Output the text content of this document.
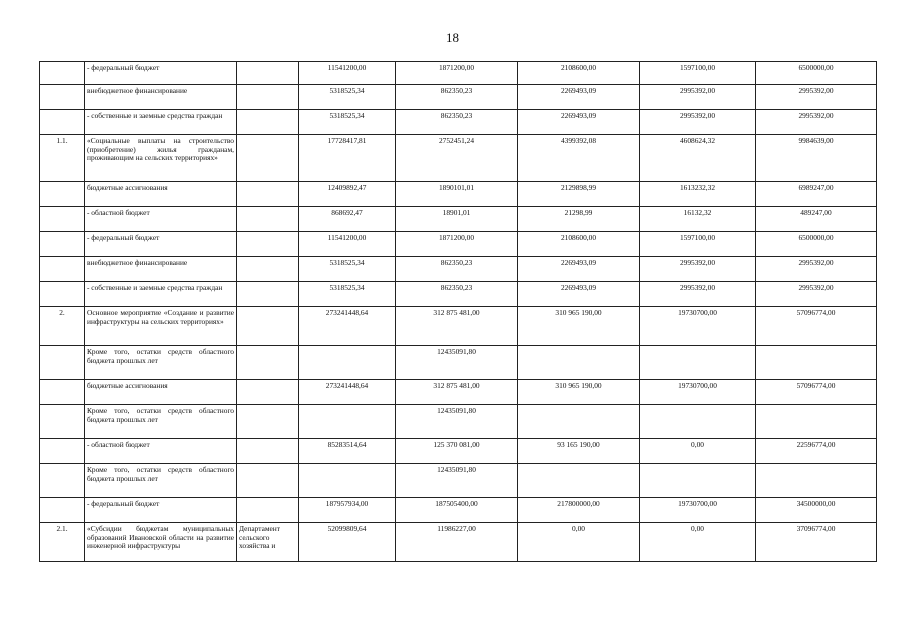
18
	- федеральный бюджет		11541200,00	1871200,00	2108600,00	1597100,00	6500000,00
	внебюджетное финансирование		5318525,34	862350,23	2269493,09	2995392,00	2995392,00
	- собственные и заемные средства граждан		5318525,34	862350,23	2269493,09	2995392,00	2995392,00
1.1.	«Социальные выплаты на строительство (приобретение) жилья гражданам, проживающим на сельских территориях»		17728417,81	2752451,24	4399392,08	4608624,32	9984639,00
	бюджетные ассигнования		12409892,47	1890101,01	2129898,99	1613232,32	6989247,00
	- областной бюджет		868692,47	18901,01	21298,99	16132,32	489247,00
	- федеральный бюджет		11541200,00	1871200,00	2108600,00	1597100,00	6500000,00
	внебюджетное финансирование		5318525,34	862350,23	2269493,09	2995392,00	2995392,00
	- собственные и заемные средства граждан		5318525,34	862350,23	2269493,09	2995392,00	2995392,00
2.	Основное мероприятие «Создание и развитие инфраструктуры на сельских территориях»		273241448,64	312 875 481,00	310 965 190,00	19730700,00	57096774,00
	Кроме того, остатки средств областного бюджета прошлых лет			12435091,80			
	бюджетные ассигнования		273241448,64	312 875 481,00	310 965 190,00	19730700,00	57096774,00
	Кроме того, остатки средств областного бюджета прошлых лет			12435091,80			
	- областной бюджет		85283514,64	125 370 081,00	93 165 190,00	0,00	22596774,00
	Кроме того, остатки средств областного бюджета прошлых лет			12435091,80			
	- федеральный бюджет		187957934,00	187505400,00	217800000,00	19730700,00	34500000,00
2.1.	«Субсидии бюджетам муниципальных образований Ивановской области на развитие инженерной инфраструктуры	Департамент сельского хозяйства и	52099809,64	11986227,00	0,00	0,00	37096774,00
